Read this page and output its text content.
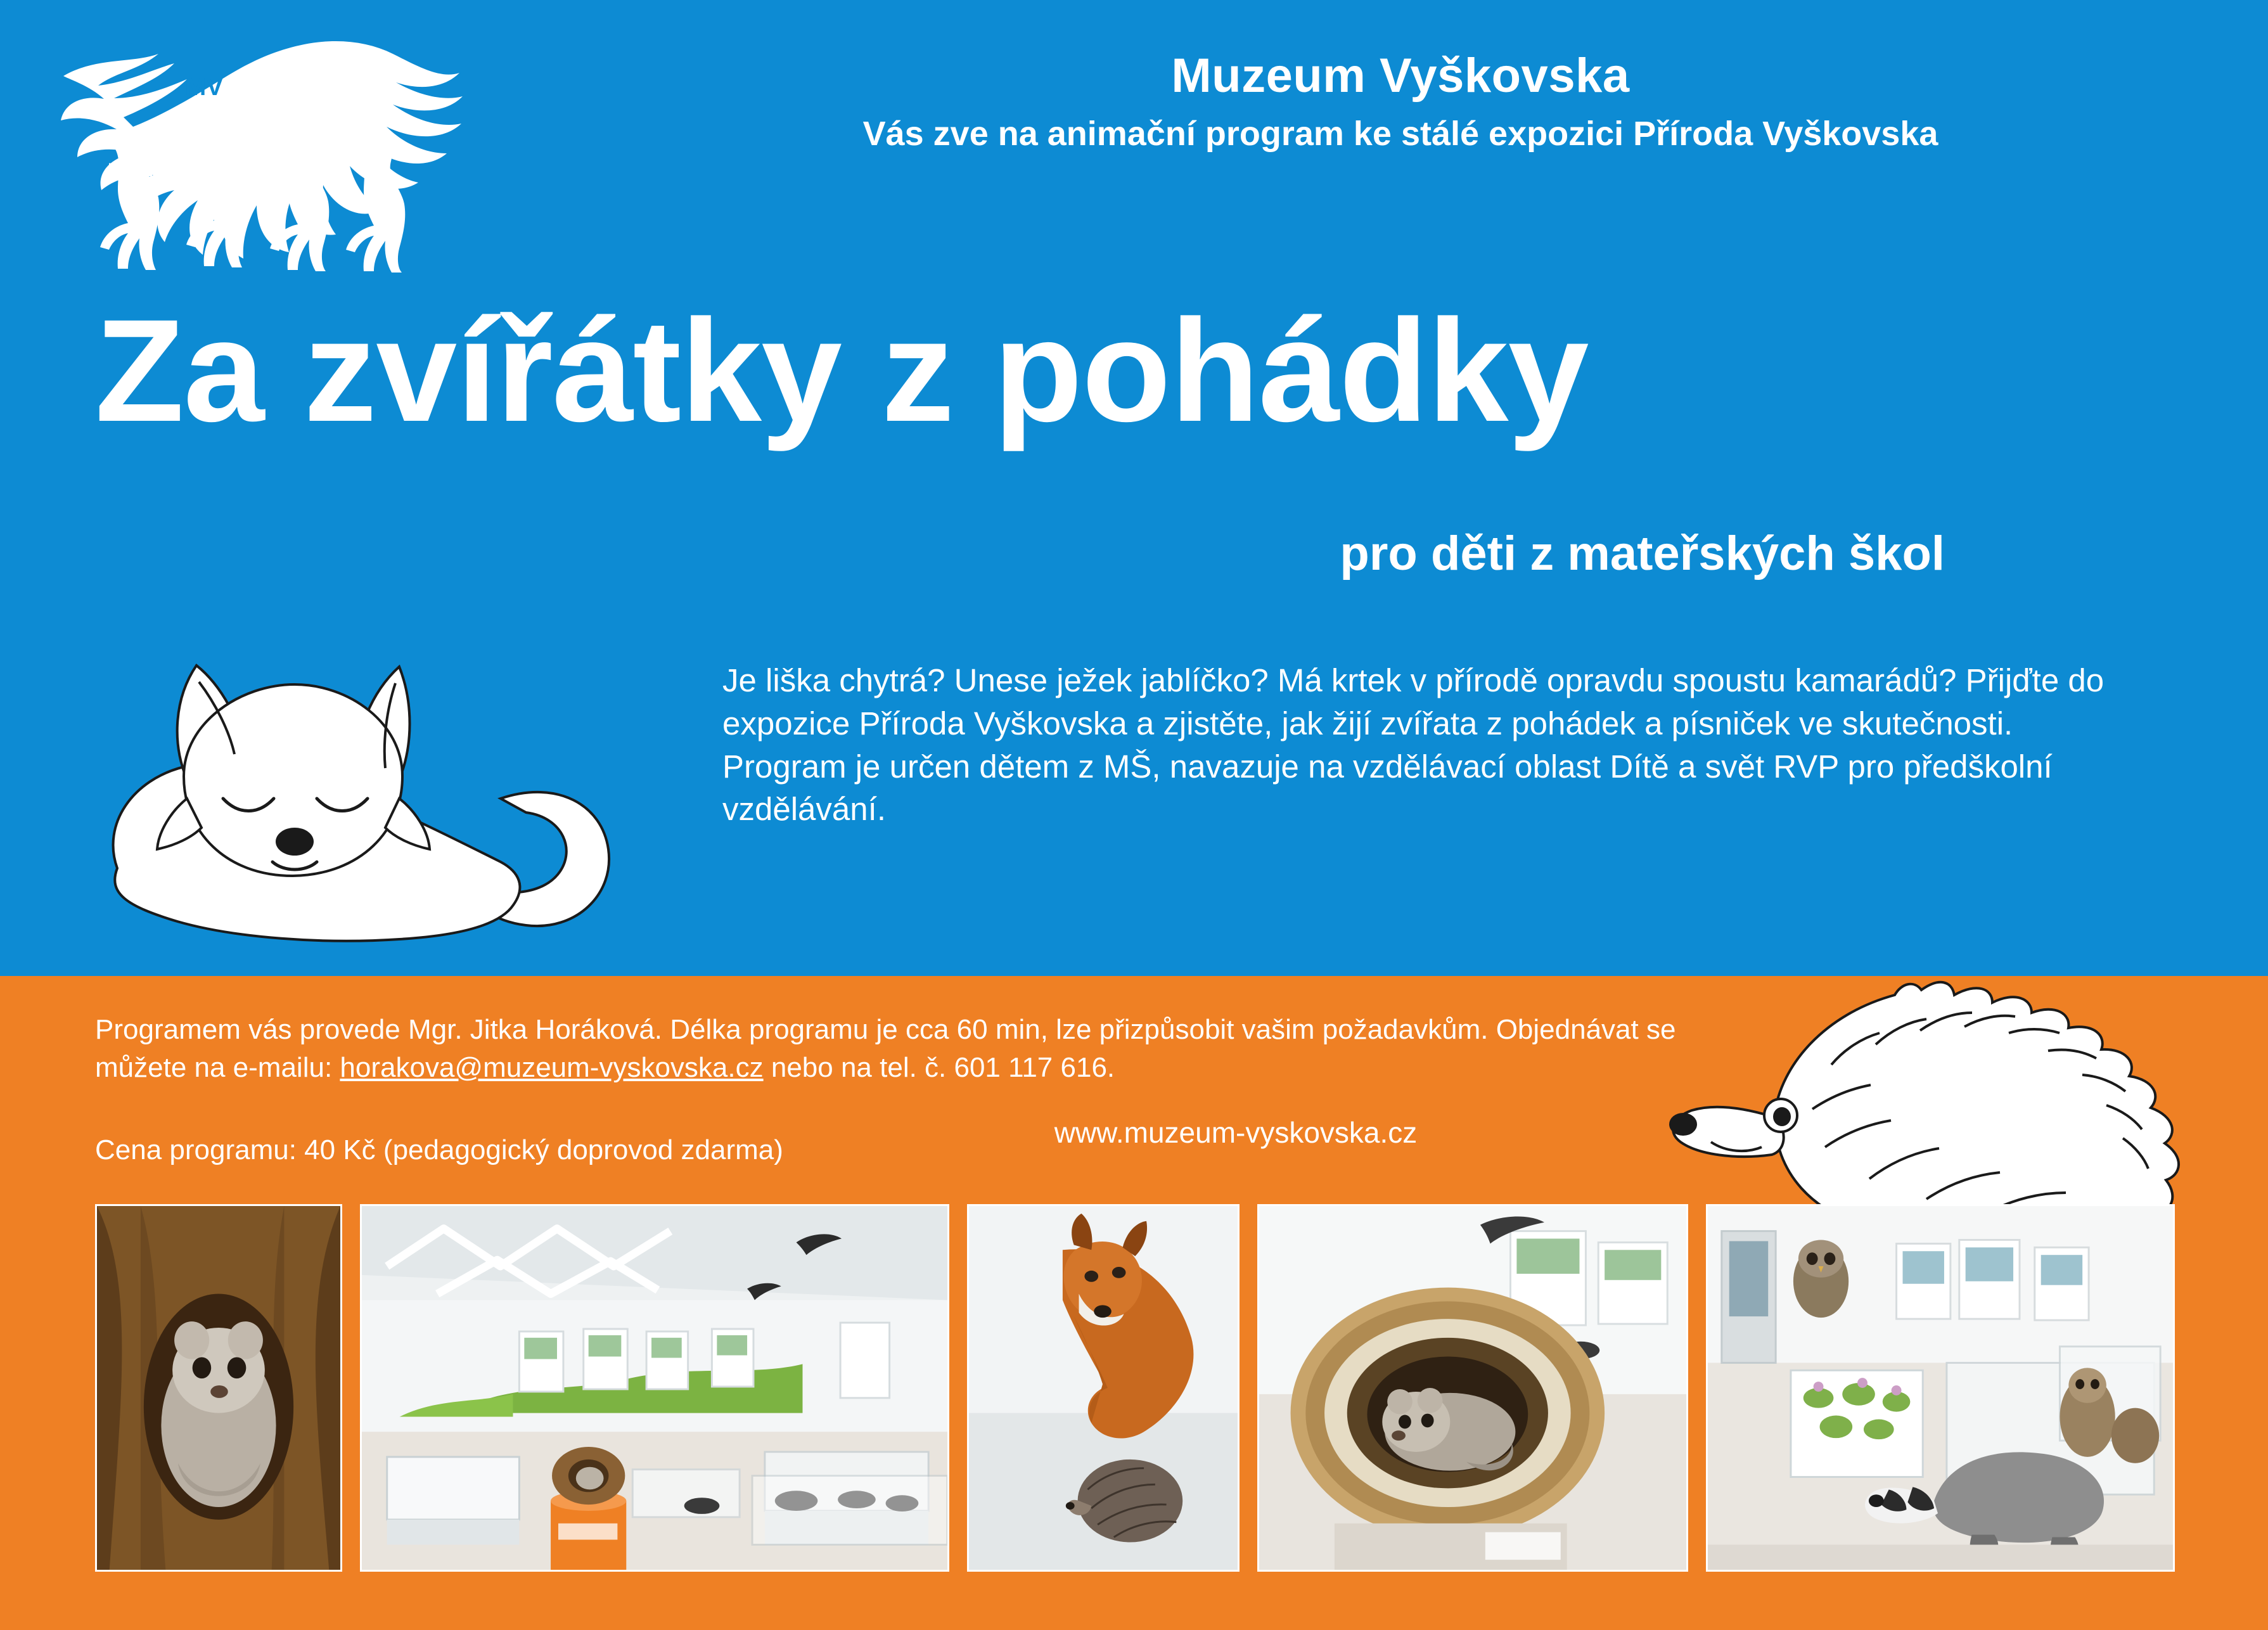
MV
MUZEUM VYŠKOVSKA
Muzeum Vyškovska
Vás zve na animační program ke stálé expozici Příroda Vyškovska
Za zvířátky z pohádky
pro děti z mateřských škol

Je liška chytrá? Unese ježek jablíčko? Má krtek v přírodě opravdu spoustu kamarádů? Přijďte do expozice Příroda Vyškovska a zjistěte, jak žijí zvířata z pohádek a písniček ve skutečnosti.

Program je určen dětem z MŠ, navazuje na vzdělávací oblast Dítě a svět RVP pro předškolní vzdělávání.

Programem vás provede Mgr. Jitka Horáková. Délka programu je cca 60 min, lze přizpůsobit vašim požadavkům. Objednávat se můžete na e-mailu: horakova@muzeum-vyskovska.cz nebo na tel. č. 601 117 616.
Cena programu: 40 Kč (pedagogický doprovod zdarma)
www.muzeum-vyskovska.cz
